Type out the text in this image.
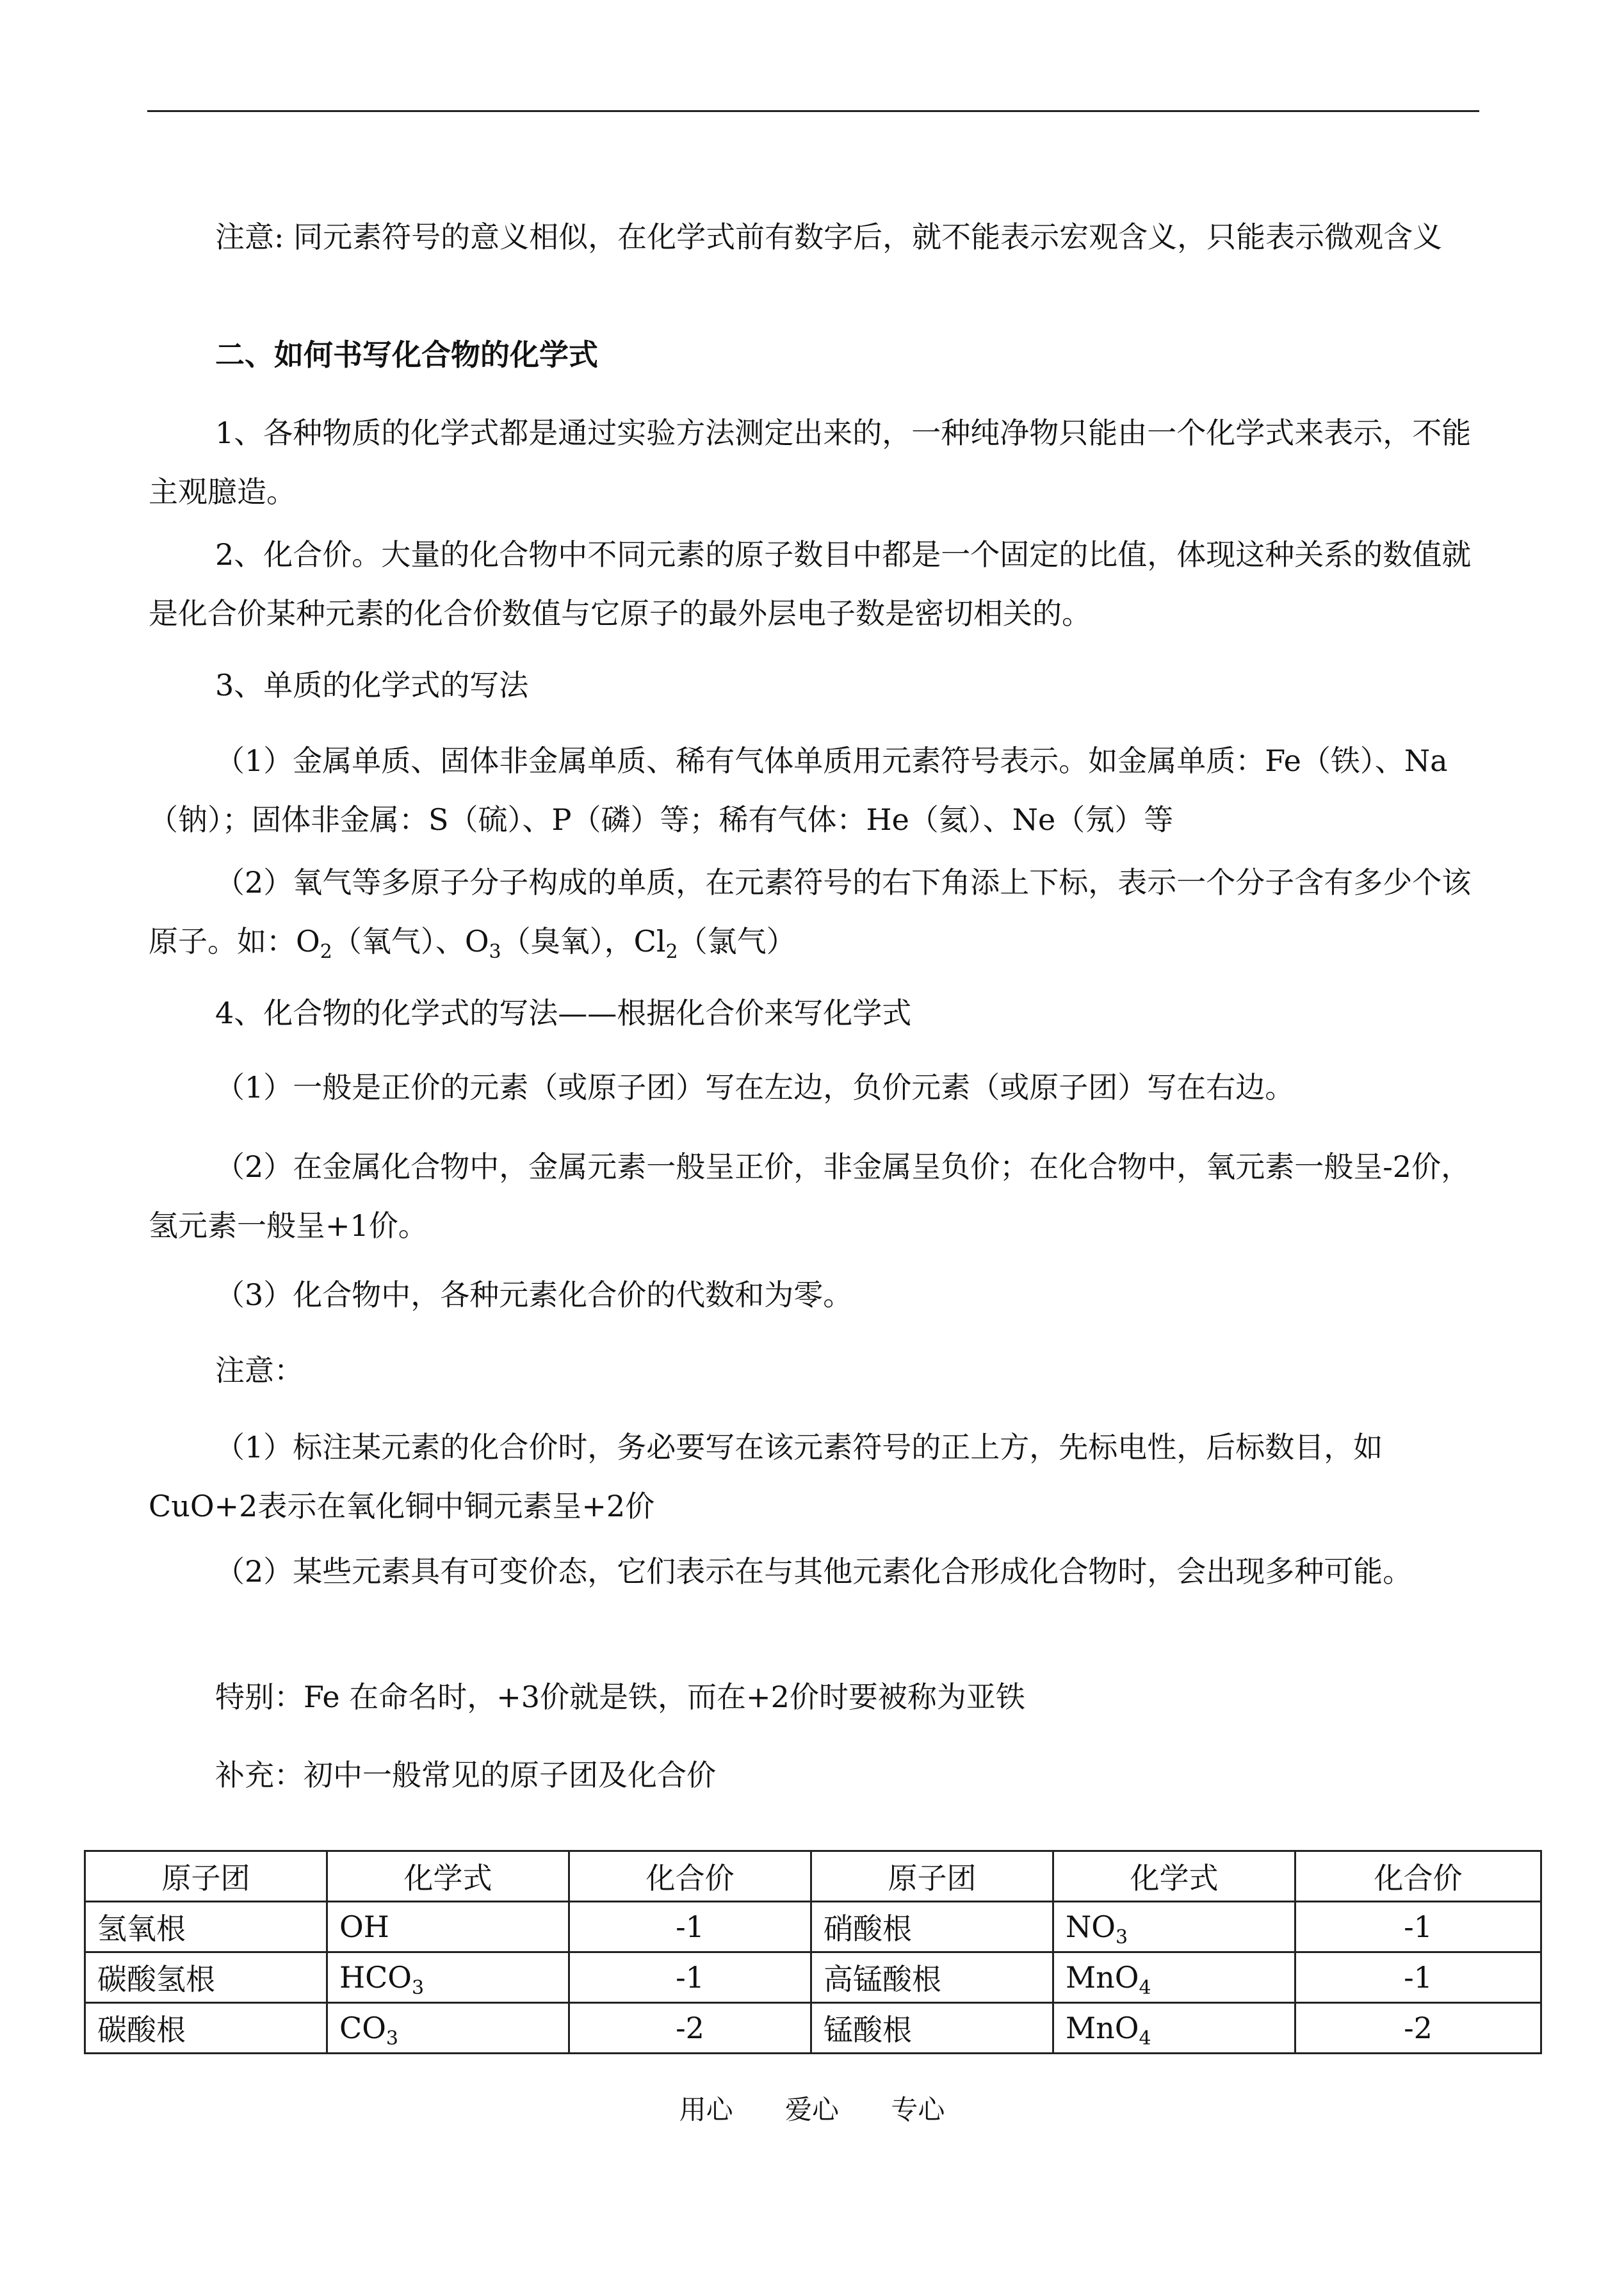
注意: 同元素符号的意义相似，在化学式前有数字后，就不能表示宏观含义，只能表示微观含义
二、如何书写化合物的化学式
1、各种物质的化学式都是通过实验方法测定出来的，一种纯净物只能由一个化学式来表示，不能主观臆造。
2、化合价。大量的化合物中不同元素的原子数目中都是一个固定的比值，体现这种关系的数值就是化合价某种元素的化合价数值与它原子的最外层电子数是密切相关的。
3、单质的化学式的写法
（1）金属单质、固体非金属单质、稀有气体单质用元素符号表示。如金属单质：Fe（铁）、Na（钠）；固体非金属：S（硫）、P（磷）等；稀有气体：He（氦）、Ne（氖）等
（2）氧气等多原子分子构成的单质，在元素符号的右下角添上下标，表示一个分子含有多少个该原子。如：$O_2$（氧气）、$O_3$（臭氧），$Cl_2$（氯气）
4、化合物的化学式的写法——根据化合价来写化学式
（1）一般是正价的元素（或原子团）写在左边，负价元素（或原子团）写在右边。
（2）在金属化合物中，金属元素一般呈正价，非金属呈负价；在化合物中，氧元素一般呈-2价，氢元素一般呈+1价。
（3）化合物中，各种元素化合价的代数和为零。
注意：
（1）标注某元素的化合价时，务必要写在该元素符号的正上方，先标电性，后标数目，如 CuO+2表示在氧化铜中铜元素呈+2价
（2）某些元素具有可变价态，它们表示在与其他元素化合形成化合物时，会出现多种可能。
特别：Fe 在命名时，+3价就是铁，而在+2价时要被称为亚铁
补充：初中一般常见的原子团及化合价
原子团	化学式	化合价	原子团	化学式	化合价
氢氧根	OH	-1	硝酸根	$NO_3$	-1
碳酸氢根	$HCO_3$	-1	高锰酸根	MnO$_4$	-1
碳酸根	$CO_3$	-2	锰酸根	MnO$_4$	-2
用心 爱心 专心
